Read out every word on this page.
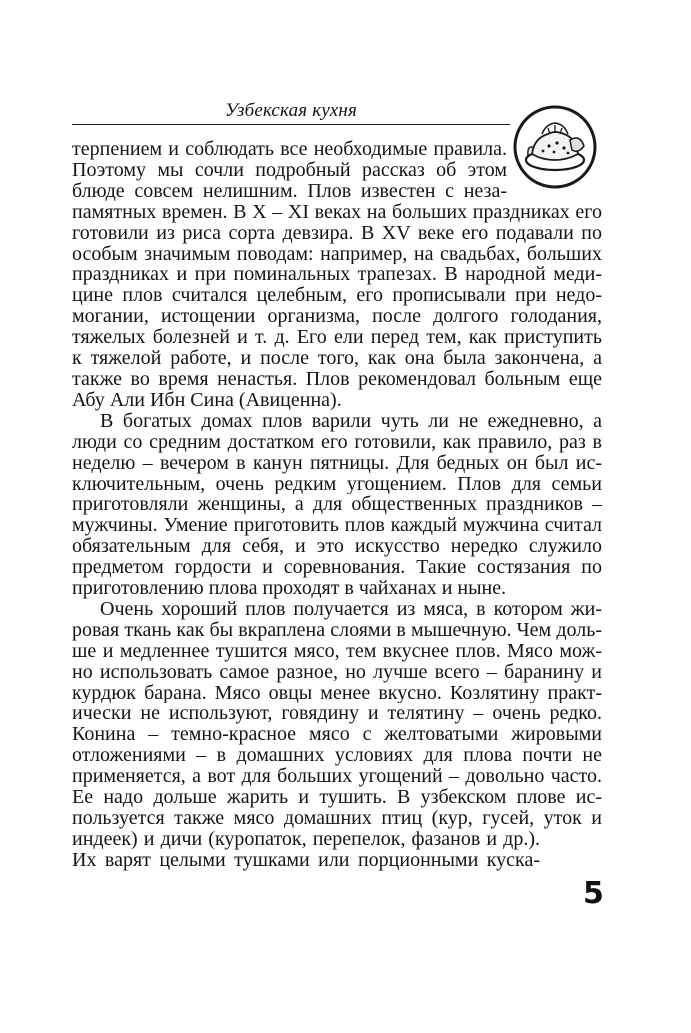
Узбекская кухня

терпением и соблюдать все необходимые правила.
Поэтому мы сочли подробный рассказ об этом
блюде совсем нелишним. Плов известен с неза-
памятных времен. В X – XI веках на больших праздниках его
готовили из риса сорта девзира. В XV веке его подавали по
особым значимым поводам: например, на свадьбах, больших
праздниках и при поминальных трапезах. В народной меди-
цине плов считался целебным, его прописывали при недо-
могании, истощении организма, после долгого голодания,
тяжелых болезней и т. д. Его ели перед тем, как приступить
к тяжелой работе, и после того, как она была закончена, а
также во время ненастья. Плов рекомендовал больным еще
Абу Али Ибн Сина (Авиценна).

В богатых домах плов варили чуть ли не ежедневно, а
люди со средним достатком его готовили, как правило, раз в
неделю – вечером в канун пятницы. Для бедных он был ис-
ключительным, очень редким угощением. Плов для семьи
приготовляли женщины, а для общественных праздников –
мужчины. Умение приготовить плов каждый мужчина считал
обязательным для себя, и это искусство нередко служило
предметом гордости и соревнования. Такие состязания по
приготовлению плова проходят в чайханах и ныне.

Очень хороший плов получается из мяса, в котором жи-
ровая ткань как бы вкраплена слоями в мышечную. Чем доль-
ше и медленнее тушится мясо, тем вкуснее плов. Мясо мож-
но использовать самое разное, но лучше всего – баранину и
курдюк барана. Мясо овцы менее вкусно. Козлятину практ-
ически не используют, говядину и телятину – очень редко.
Конина – темно-красное мясо с желтоватыми жировыми
отложениями – в домашних условиях для плова почти не
применяется, а вот для больших угощений – довольно часто.
Ее надо дольше жарить и тушить. В узбекском плове ис-
пользуется также мясо домашних птиц (кур, гусей, уток и
индеек) и дичи (куропаток, перепелок, фазанов и др.).
Их варят целыми тушками или порционными куска-

5
